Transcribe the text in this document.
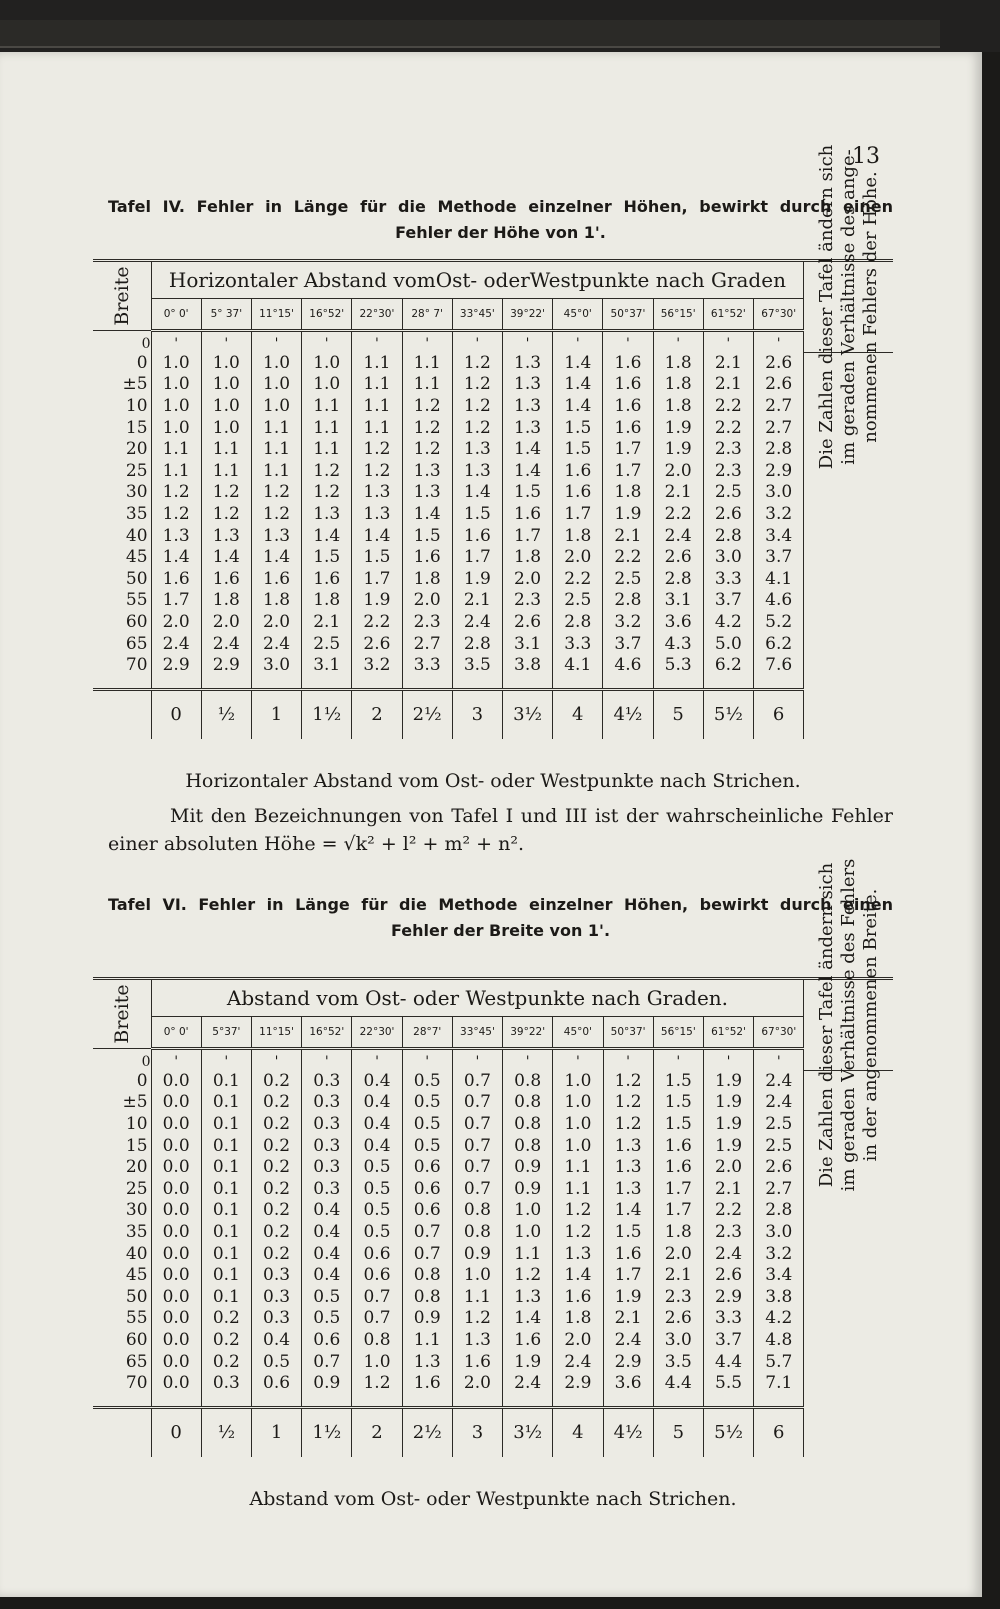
13
Tafel IV. Fehler in Länge für die Methode einzelner Höhen, bewirkt durch einen
Fehler der Höhe von 1'.
Breite	Horizontaler Abstand vomOst- oderWestpunkte nach Graden													Die Zahlen dieser Tafel ändern sich im geraden Verhältnisse des ange- nommenen Fehlers der Höhe.

	0° 0'	5° 37'	11°15'	16°52'	22°30'	28° 7'	33°45'	39°22'	45°0'	50°37'	56°15'	61°52'	67°30'	
0	'	'	'	'	'	'	'	'	'	'	'	'	'	
0	1.0	1.0	1.0	1.0	1.1	1.1	1.2	1.3	1.4	1.6	1.8	2.1	2.6	
±5	1.0	1.0	1.0	1.0	1.1	1.1	1.2	1.3	1.4	1.6	1.8	2.1	2.6	
10	1.0	1.0	1.0	1.1	1.1	1.2	1.2	1.3	1.4	1.6	1.8	2.2	2.7	
15	1.0	1.0	1.1	1.1	1.1	1.2	1.2	1.3	1.5	1.6	1.9	2.2	2.7	
20	1.1	1.1	1.1	1.1	1.2	1.2	1.3	1.4	1.5	1.7	1.9	2.3	2.8	
25	1.1	1.1	1.1	1.2	1.2	1.3	1.3	1.4	1.6	1.7	2.0	2.3	2.9	
30	1.2	1.2	1.2	1.2	1.3	1.3	1.4	1.5	1.6	1.8	2.1	2.5	3.0	
35	1.2	1.2	1.2	1.3	1.3	1.4	1.5	1.6	1.7	1.9	2.2	2.6	3.2	
40	1.3	1.3	1.3	1.4	1.4	1.5	1.6	1.7	1.8	2.1	2.4	2.8	3.4	
45	1.4	1.4	1.4	1.5	1.5	1.6	1.7	1.8	2.0	2.2	2.6	3.0	3.7	
50	1.6	1.6	1.6	1.6	1.7	1.8	1.9	2.0	2.2	2.5	2.8	3.3	4.1	
55	1.7	1.8	1.8	1.8	1.9	2.0	2.1	2.3	2.5	2.8	3.1	3.7	4.6	
60	2.0	2.0	2.0	2.1	2.2	2.3	2.4	2.6	2.8	3.2	3.6	4.2	5.2	
65	2.4	2.4	2.4	2.5	2.6	2.7	2.8	3.1	3.3	3.7	4.3	5.0	6.2	
70	2.9	2.9	3.0	3.1	3.2	3.3	3.5	3.8	4.1	4.6	5.3	6.2	7.6	

	0	½	1	1½	2	2½	3	3½	4	4½	5	5½	6	
Horizontaler Abstand vom Ost- oder Westpunkte nach Strichen.
Mit den Bezeichnungen von Tafel I und III ist der wahrscheinliche Fehler
einer absoluten Höhe = √k² + l² + m² + n².
Tafel VI. Fehler in Länge für die Methode einzelner Höhen, bewirkt durch einen
Fehler der Breite von 1'.
Breite	Abstand vom Ost- oder Westpunkte nach Graden.													Die Zahlen dieser Tafel ändern sich im geraden Verhältnisse des Fehlers in der angenommenen Breite.

	0° 0'	5°37'	11°15'	16°52'	22°30'	28°7'	33°45'	39°22'	45°0'	50°37'	56°15'	61°52'	67°30'	
0	'	'	'	'	'	'	'	'	'	'	'	'	'	
0	0.0	0.1	0.2	0.3	0.4	0.5	0.7	0.8	1.0	1.2	1.5	1.9	2.4	
±5	0.0	0.1	0.2	0.3	0.4	0.5	0.7	0.8	1.0	1.2	1.5	1.9	2.4	
10	0.0	0.1	0.2	0.3	0.4	0.5	0.7	0.8	1.0	1.2	1.5	1.9	2.5	
15	0.0	0.1	0.2	0.3	0.4	0.5	0.7	0.8	1.0	1.3	1.6	1.9	2.5	
20	0.0	0.1	0.2	0.3	0.5	0.6	0.7	0.9	1.1	1.3	1.6	2.0	2.6	
25	0.0	0.1	0.2	0.3	0.5	0.6	0.7	0.9	1.1	1.3	1.7	2.1	2.7	
30	0.0	0.1	0.2	0.4	0.5	0.6	0.8	1.0	1.2	1.4	1.7	2.2	2.8	
35	0.0	0.1	0.2	0.4	0.5	0.7	0.8	1.0	1.2	1.5	1.8	2.3	3.0	
40	0.0	0.1	0.2	0.4	0.6	0.7	0.9	1.1	1.3	1.6	2.0	2.4	3.2	
45	0.0	0.1	0.3	0.4	0.6	0.8	1.0	1.2	1.4	1.7	2.1	2.6	3.4	
50	0.0	0.1	0.3	0.5	0.7	0.8	1.1	1.3	1.6	1.9	2.3	2.9	3.8	
55	0.0	0.2	0.3	0.5	0.7	0.9	1.2	1.4	1.8	2.1	2.6	3.3	4.2	
60	0.0	0.2	0.4	0.6	0.8	1.1	1.3	1.6	2.0	2.4	3.0	3.7	4.8	
65	0.0	0.2	0.5	0.7	1.0	1.3	1.6	1.9	2.4	2.9	3.5	4.4	5.7	
70	0.0	0.3	0.6	0.9	1.2	1.6	2.0	2.4	2.9	3.6	4.4	5.5	7.1	

	0	½	1	1½	2	2½	3	3½	4	4½	5	5½	6	
Abstand vom Ost- oder Westpunkte nach Strichen.
